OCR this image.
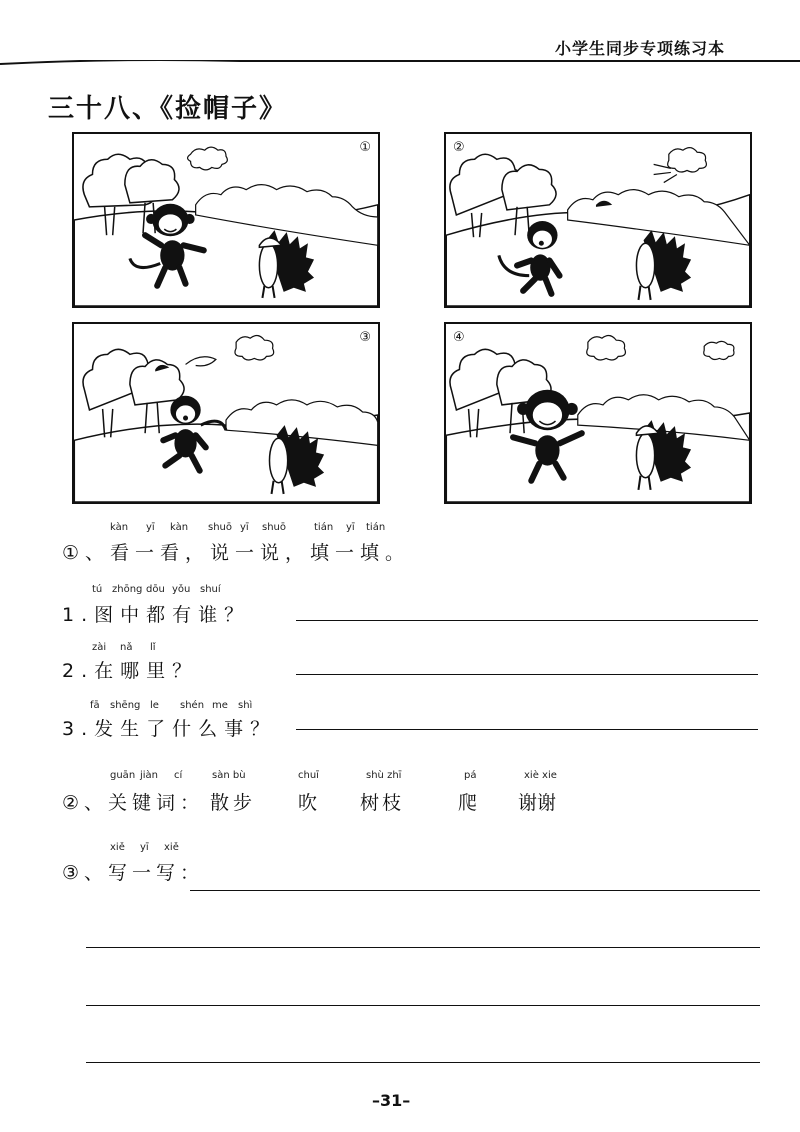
小学生同步专项练习本
三十八、《捡帽子》
①	②
③	④
kàn yī kàn shuō yī shuō	tián yī tián
①、看一看，说一说，填一填。
tú zhōng dōu yǒu shuí
1.图中都有谁？
zài nǎ lǐ
2.在哪里？
fā shēng le shén me shì
3.发生了什么事？
guān jiàn cí
②、关键词：
sàn bù
散步
chuī
吹
shù zhī
树枝
pá
爬
xiè xie
谢谢
xiě yī xiě
③、写一写：
–31–
